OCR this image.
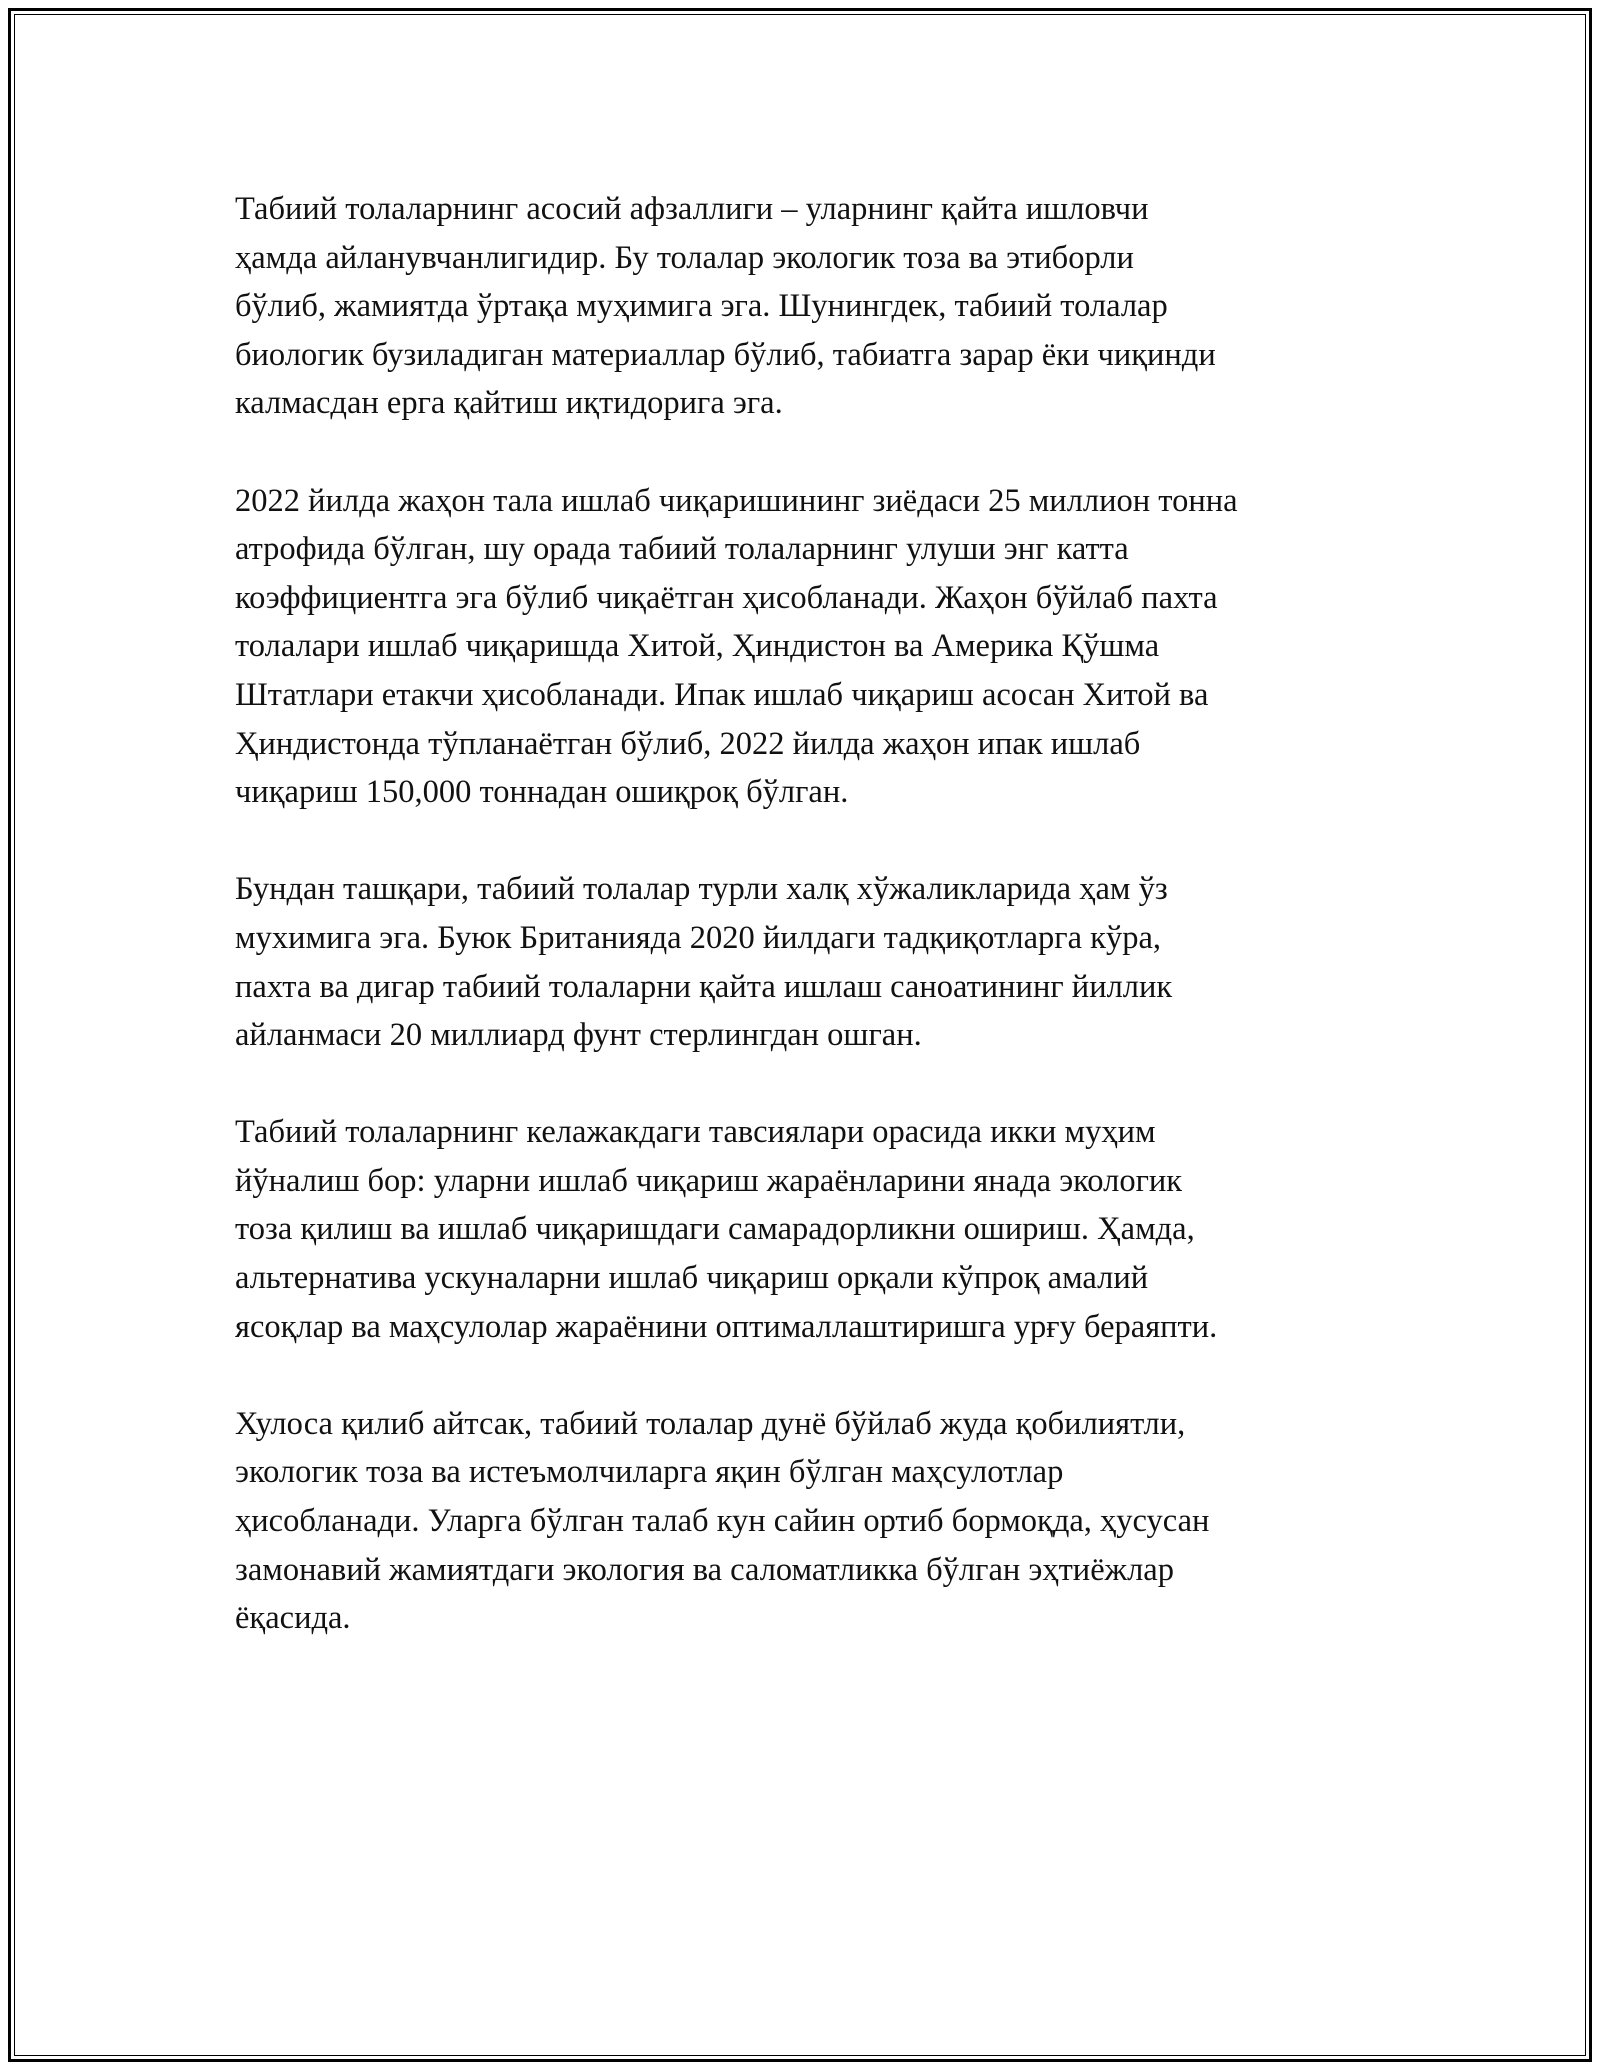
Табиий толаларнинг асосий афзаллиги – уларнинг қайта ишловчи
ҳамда айланувчанлигидир. Бу толалар экологик тоза ва этиборли
бўлиб, жамиятда ўртақа муҳимига эга. Шунингдек, табиий толалар
биологик бузиладиган материаллар бўлиб, табиатга зарар ёки чиқинди
калмасдан ерга қайтиш иқтидорига эга.

2022 йилда жаҳон тала ишлаб чиқаришининг зиёдаси 25 миллион тонна
атрофида бўлган, шу орада табиий толаларнинг улуши энг катта
коэффициентга эга бўлиб чиқаётган ҳисобланади. Жаҳон бўйлаб пахта
толалари ишлаб чиқаришда Хитой, Ҳиндистон ва Америка Қўшма
Штатлари етакчи ҳисобланади. Ипак ишлаб чиқариш асосан Хитой ва
Ҳиндистонда тўпланаётган бўлиб, 2022 йилда жаҳон ипак ишлаб
чиқариш 150,000 тоннадан ошиқроқ бўлган.

Бундан ташқари, табиий толалар турли халқ хўжаликларида ҳам ўз
мухимига эга. Буюк Британияда 2020 йилдаги тадқиқотларга кўра,
пахта ва дигар табиий толаларни қайта ишлаш саноатининг йиллик
айланмаси 20 миллиард фунт стерлингдан ошган.

Табиий толаларнинг келажакдаги тавсиялари орасида икки муҳим
йўналиш бор: уларни ишлаб чиқариш жараёнларини янада экологик
тоза қилиш ва ишлаб чиқаришдаги самарадорликни ошириш. Ҳамда,
альтернатива ускуналарни ишлаб чиқариш орқали кўпроқ амалий
ясоқлар ва маҳсулолар жараёнини оптималлаштиришга урғу бераяпти.

Хулоса қилиб айтсак, табиий толалар дунё бўйлаб жуда қобилиятли,
экологик тоза ва истеъмолчиларга яқин бўлган маҳсулотлар
ҳисобланади. Уларга бўлган талаб кун сайин ортиб бормоқда, ҳусусан
замонавий жамиятдаги экология ва саломатликка бўлган эҳтиёжлар
ёқасида.
